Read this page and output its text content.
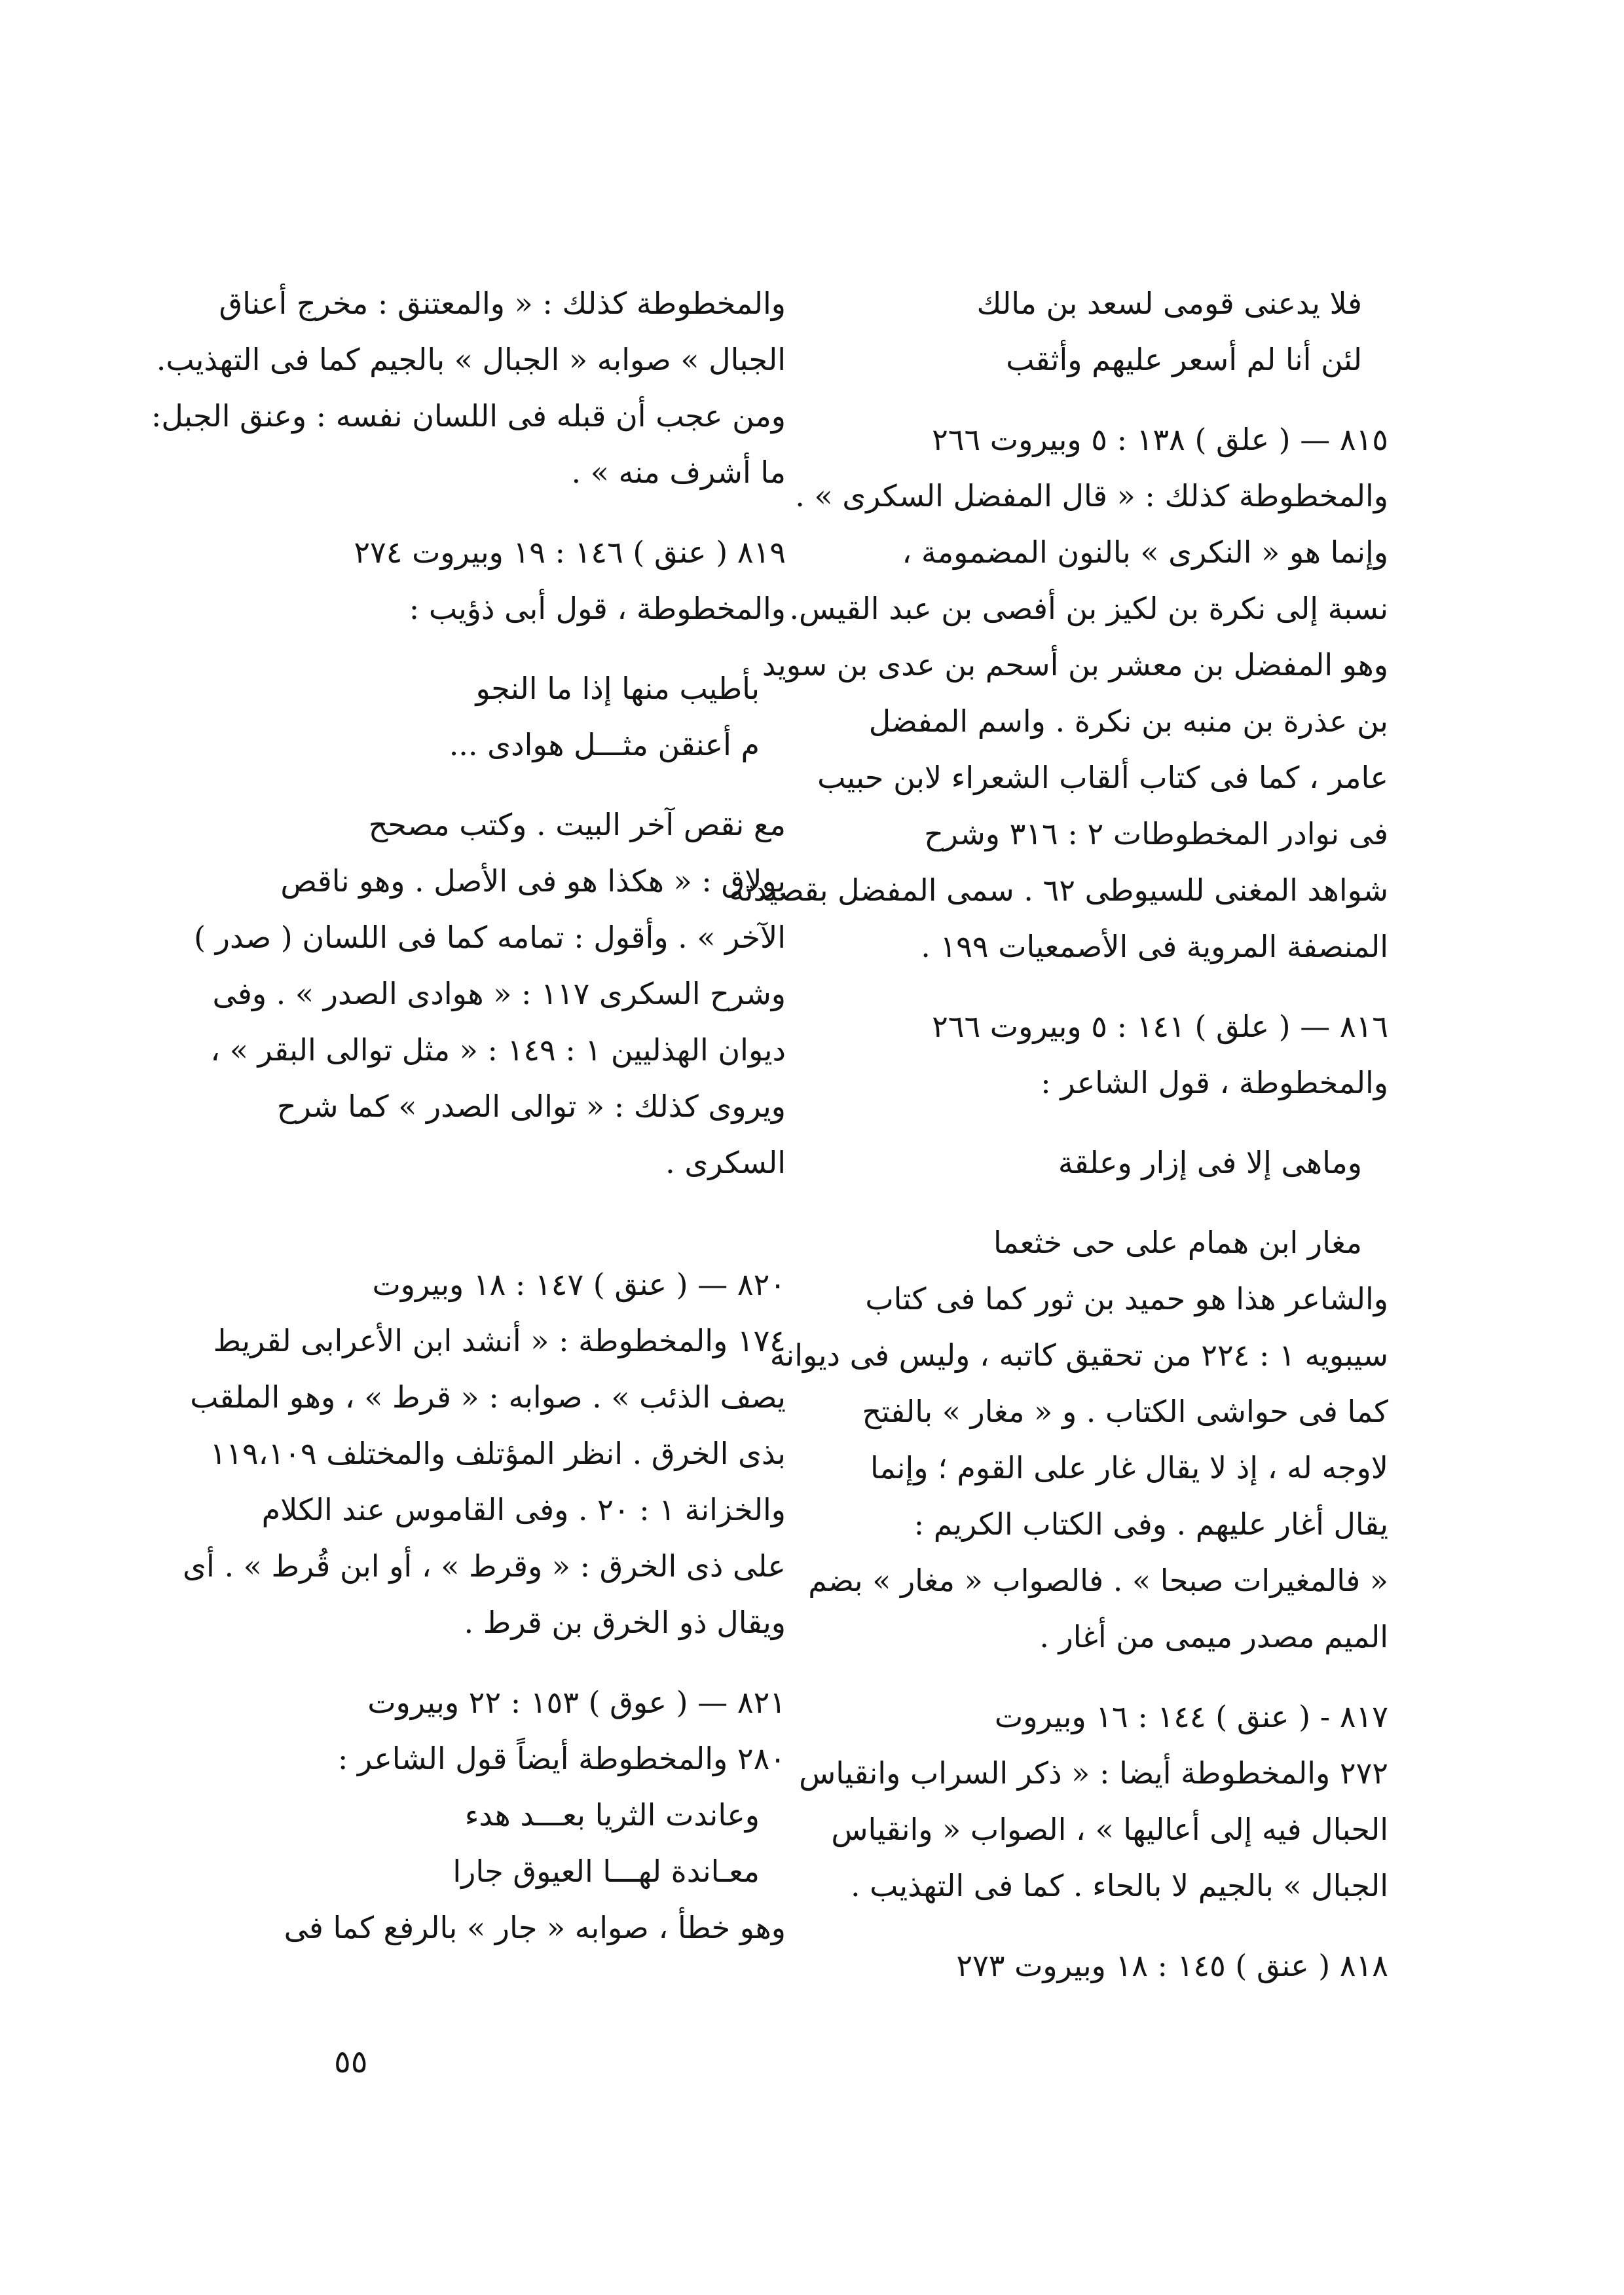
فلا يدعنى قومى لسعد بن مالك
لئن أنا لم أسعر عليهم وأثقب
٨١٥ — ( علق ) ١٣٨ : ٥ وبيروت ٢٦٦
والمخطوطة كذلك : « قال المفضل السكرى » .
وإنما هو « النكرى » بالنون المضمومة ،
نسبة إلى نكرة بن لكيز بن أفصى بن عبد القيس.
وهو المفضل بن معشر بن أسحم بن عدى بن سويد
بن عذرة بن منبه بن نكرة . واسم المفضل
عامر ، كما فى كتاب ألقاب الشعراء لابن حبيب
فى نوادر المخطوطات ٢ : ٣١٦ وشرح
شواهد المغنى للسيوطى ٦٢ . سمى المفضل بقصيدته
المنصفة المروية فى الأصمعيات ١٩٩ .
٨١٦ — ( علق ) ١٤١ : ٥ وبيروت ٢٦٦
والمخطوطة ، قول الشاعر :
وماهى إلا فى إزار وعلقة
مغار ابن همام على حى خثعما
والشاعر هذا هو حميد بن ثور كما فى كتاب
سيبويه ١ : ٢٢٤ من تحقيق كاتبه ، وليس فى ديوانه
كما فى حواشى الكتاب . و « مغار » بالفتح
لاوجه له ، إذ لا يقال غار على القوم ؛ وإنما
يقال أغار عليهم . وفى الكتاب الكريم :
« فالمغيرات صبحا » . فالصواب « مغار » بضم
الميم مصدر ميمى من أغار .
٨١٧ - ( عنق ) ١٤٤ : ١٦ وبيروت
٢٧٢ والمخطوطة أيضا : « ذكر السراب وانقياس
الحبال فيه إلى أعاليها » ، الصواب « وانقياس
الجبال » بالجيم لا بالحاء . كما فى التهذيب .
٨١٨ ( عنق ) ١٤٥ : ١٨ وبيروت ٢٧٣
والمخطوطة كذلك : « والمعتنق : مخرج أعناق
الجبال » صوابه « الجبال » بالجيم كما فى التهذيب.
ومن عجب أن قبله فى اللسان نفسه : وعنق الجبل:
ما أشرف منه » .
٨١٩ ( عنق ) ١٤٦ : ١٩ وبيروت ٢٧٤
والمخطوطة ، قول أبى ذؤيب :
بأطيب منها إذا ما النجو
م أعنقن مثـــل هوادى ...
مع نقص آخر البيت . وكتب مصحح
بولاق : « هكذا هو فى الأصل . وهو ناقص
الآخر » . وأقول : تمامه كما فى اللسان ( صدر )
وشرح السكرى ١١٧ : « هوادى الصدر » . وفى
ديوان الهذليين ١ : ١٤٩ : « مثل توالى البقر » ،
ويروى كذلك : « توالى الصدر » كما شرح
السكرى .
٨٢٠ — ( عنق ) ١٤٧ : ١٨ وبيروت
١٧٤ والمخطوطة : « أنشد ابن الأعرابى لقريط
يصف الذئب » . صوابه : « قرط » ، وهو الملقب
بذى الخرق . انظر المؤتلف والمختلف ١١٩،١٠٩
والخزانة ١ : ٢٠ . وفى القاموس عند الكلام
على ذى الخرق : « وقرط » ، أو ابن قُرط » . أى
ويقال ذو الخرق بن قرط .
٨٢١ — ( عوق ) ١٥٣ : ٢٢ وبيروت
٢٨٠ والمخطوطة أيضاً قول الشاعر :
وعاندت الثريا بعـــد هدء
معـاندة لهـــا العيوق جارا
وهو خطأ ، صوابه « جار » بالرفع كما فى
٥٥
